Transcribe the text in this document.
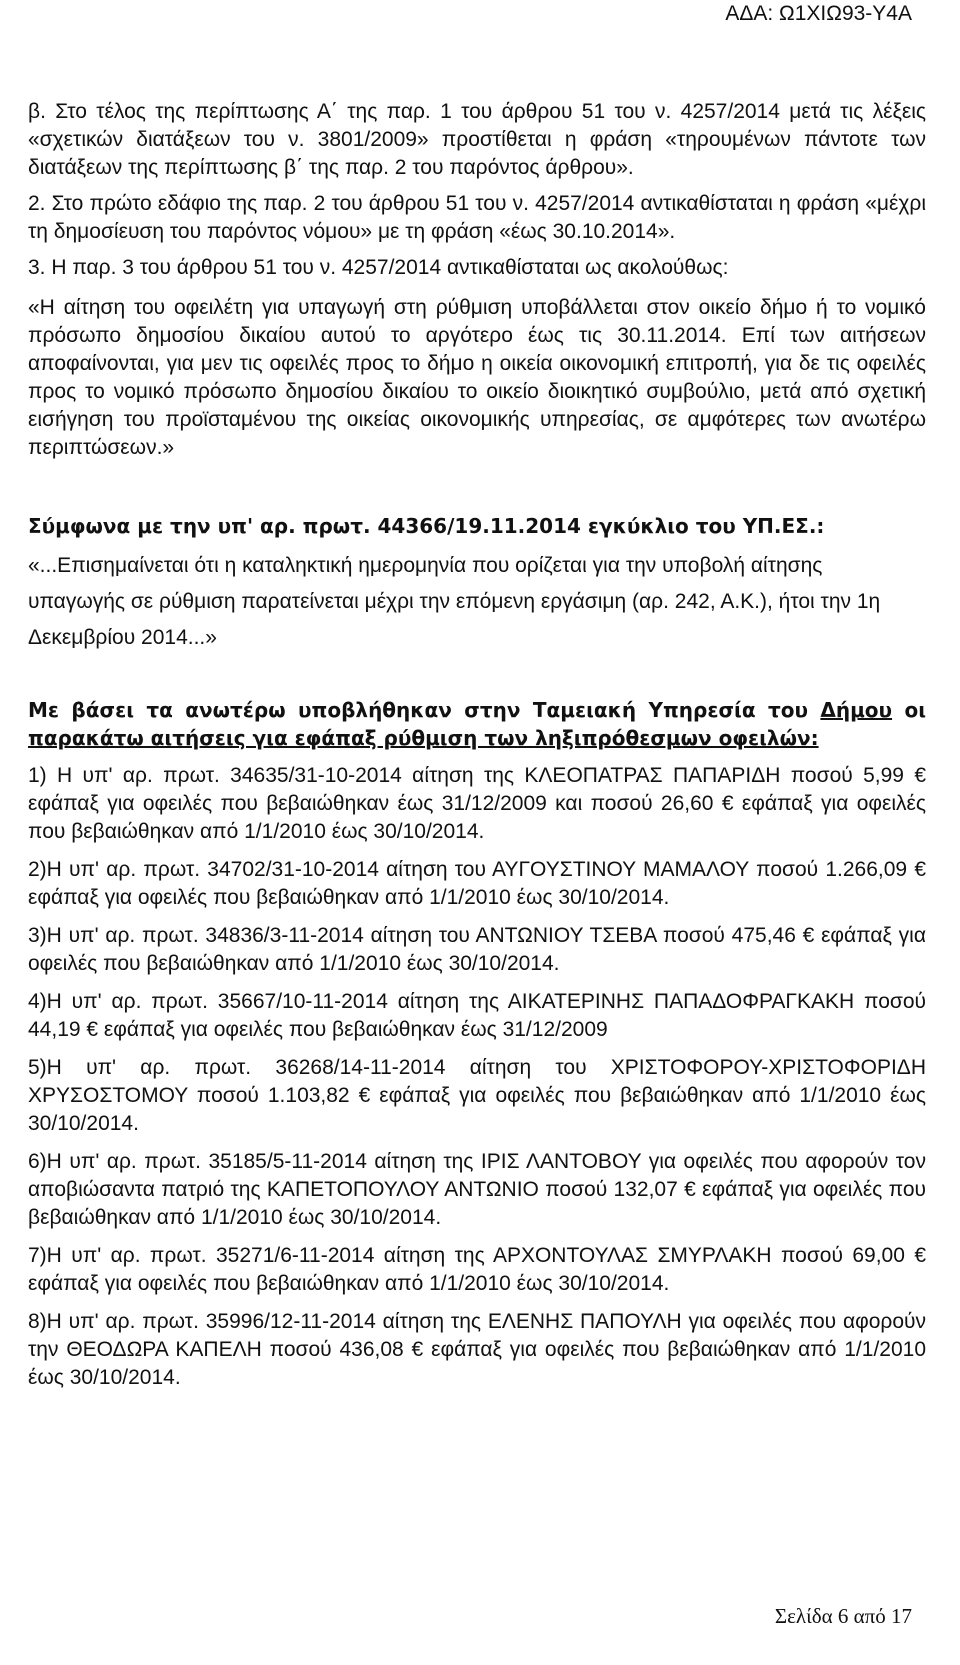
ΑΔΑ: Ω1ΧΙΩ93-Υ4Α

β. Στο τέλος της περίπτωσης Α΄ της παρ. 1 του άρθρου 51 του ν. 4257/2014 μετά τις λέξεις «σχετικών διατάξεων του ν. 3801/2009» προστίθεται η φράση «τηρουμένων πάντοτε των διατάξεων της περίπτωσης β΄ της παρ. 2 του παρόντος άρθρου».

2. Στο πρώτο εδάφιο της παρ. 2 του άρθρου 51 του ν. 4257/2014 αντικαθίσταται η φράση «μέχρι τη δημοσίευση του παρόντος νόμου» με τη φράση «έως 30.10.2014».

3. Η παρ. 3 του άρθρου 51 του ν. 4257/2014 αντικαθίσταται ως ακολούθως:

«Η αίτηση του οφειλέτη για υπαγωγή στη ρύθμιση υποβάλλεται στον οικείο δήμο ή το νομικό πρόσωπο δημοσίου δικαίου αυτού το αργότερο έως τις 30.11.2014. Επί των αιτήσεων αποφαίνονται, για μεν τις οφειλές προς το δήμο η οικεία οικονομική επιτροπή, για δε τις οφειλές προς το νομικό πρόσωπο δημοσίου δικαίου το οικείο διοικητικό συμβούλιο, μετά από σχετική εισήγηση του προϊσταμένου της οικείας οικονομικής υπηρεσίας, σε αμφότερες των ανωτέρω περιπτώσεων.»

Σύμφωνα με την υπ' αρ. πρωτ. 44366/19.11.2014 εγκύκλιο του ΥΠ.ΕΣ.:

«...Επισημαίνεται ότι η καταληκτική ημερομηνία που ορίζεται για την υποβολή αίτησης

υπαγωγής σε ρύθμιση παρατείνεται μέχρι την επόμενη εργάσιμη (αρ. 242, Α.Κ.), ήτοι την 1η

Δεκεμβρίου 2014...»

Με βάσει τα ανωτέρω υποβλήθηκαν στην Ταμειακή Υπηρεσία του Δήμου οι παρακάτω αιτήσεις για εφάπαξ ρύθμιση των ληξιπρόθεσμων οφειλών:

1) Η υπ' αρ. πρωτ. 34635/31-10-2014 αίτηση της ΚΛΕΟΠΑΤΡΑΣ ΠΑΠΑΡΙΔΗ ποσού 5,99 € εφάπαξ για οφειλές που βεβαιώθηκαν έως 31/12/2009 και ποσού 26,60 € εφάπαξ για οφειλές που βεβαιώθηκαν από 1/1/2010 έως 30/10/2014.

2)Η υπ' αρ. πρωτ. 34702/31-10-2014 αίτηση του ΑΥΓΟΥΣΤΙΝΟΥ ΜΑΜΑΛΟΥ ποσού 1.266,09 € εφάπαξ για οφειλές που βεβαιώθηκαν από 1/1/2010 έως 30/10/2014.

3)Η υπ' αρ. πρωτ. 34836/3-11-2014 αίτηση του ΑΝΤΩΝΙΟΥ ΤΣΕΒΑ ποσού 475,46 € εφάπαξ για οφειλές που βεβαιώθηκαν από 1/1/2010 έως 30/10/2014.

4)Η υπ' αρ. πρωτ. 35667/10-11-2014 αίτηση της ΑΙΚΑΤΕΡΙΝΗΣ ΠΑΠΑΔΟΦΡΑΓΚΑΚΗ ποσού 44,19 € εφάπαξ για οφειλές που βεβαιώθηκαν έως 31/12/2009

5)Η υπ' αρ. πρωτ. 36268/14-11-2014 αίτηση του ΧΡΙΣΤΟΦΟΡΟΥ-ΧΡΙΣΤΟΦΟΡΙΔΗ ΧΡΥΣΟΣΤΟΜΟΥ ποσού 1.103,82 € εφάπαξ για οφειλές που βεβαιώθηκαν από 1/1/2010 έως 30/10/2014.

6)Η υπ' αρ. πρωτ. 35185/5-11-2014 αίτηση της ΙΡΙΣ ΛΑΝΤΟΒΟΥ για οφειλές που αφορούν τον αποβιώσαντα πατριό της ΚΑΠΕΤΟΠΟΥΛΟΥ ΑΝΤΩΝΙΟ ποσού 132,07 € εφάπαξ για οφειλές που βεβαιώθηκαν από 1/1/2010 έως 30/10/2014.

7)Η υπ' αρ. πρωτ. 35271/6-11-2014 αίτηση της ΑΡΧΟΝΤΟΥΛΑΣ ΣΜΥΡΛΑΚΗ ποσού 69,00 € εφάπαξ για οφειλές που βεβαιώθηκαν από 1/1/2010 έως 30/10/2014.

8)Η υπ' αρ. πρωτ. 35996/12-11-2014 αίτηση της ΕΛΕΝΗΣ ΠΑΠΟΥΛΗ για οφειλές που αφορούν την ΘΕΟΔΩΡΑ ΚΑΠΕΛΗ ποσού 436,08 € εφάπαξ για οφειλές που βεβαιώθηκαν από 1/1/2010 έως 30/10/2014.

Σελίδα 6 από 17
